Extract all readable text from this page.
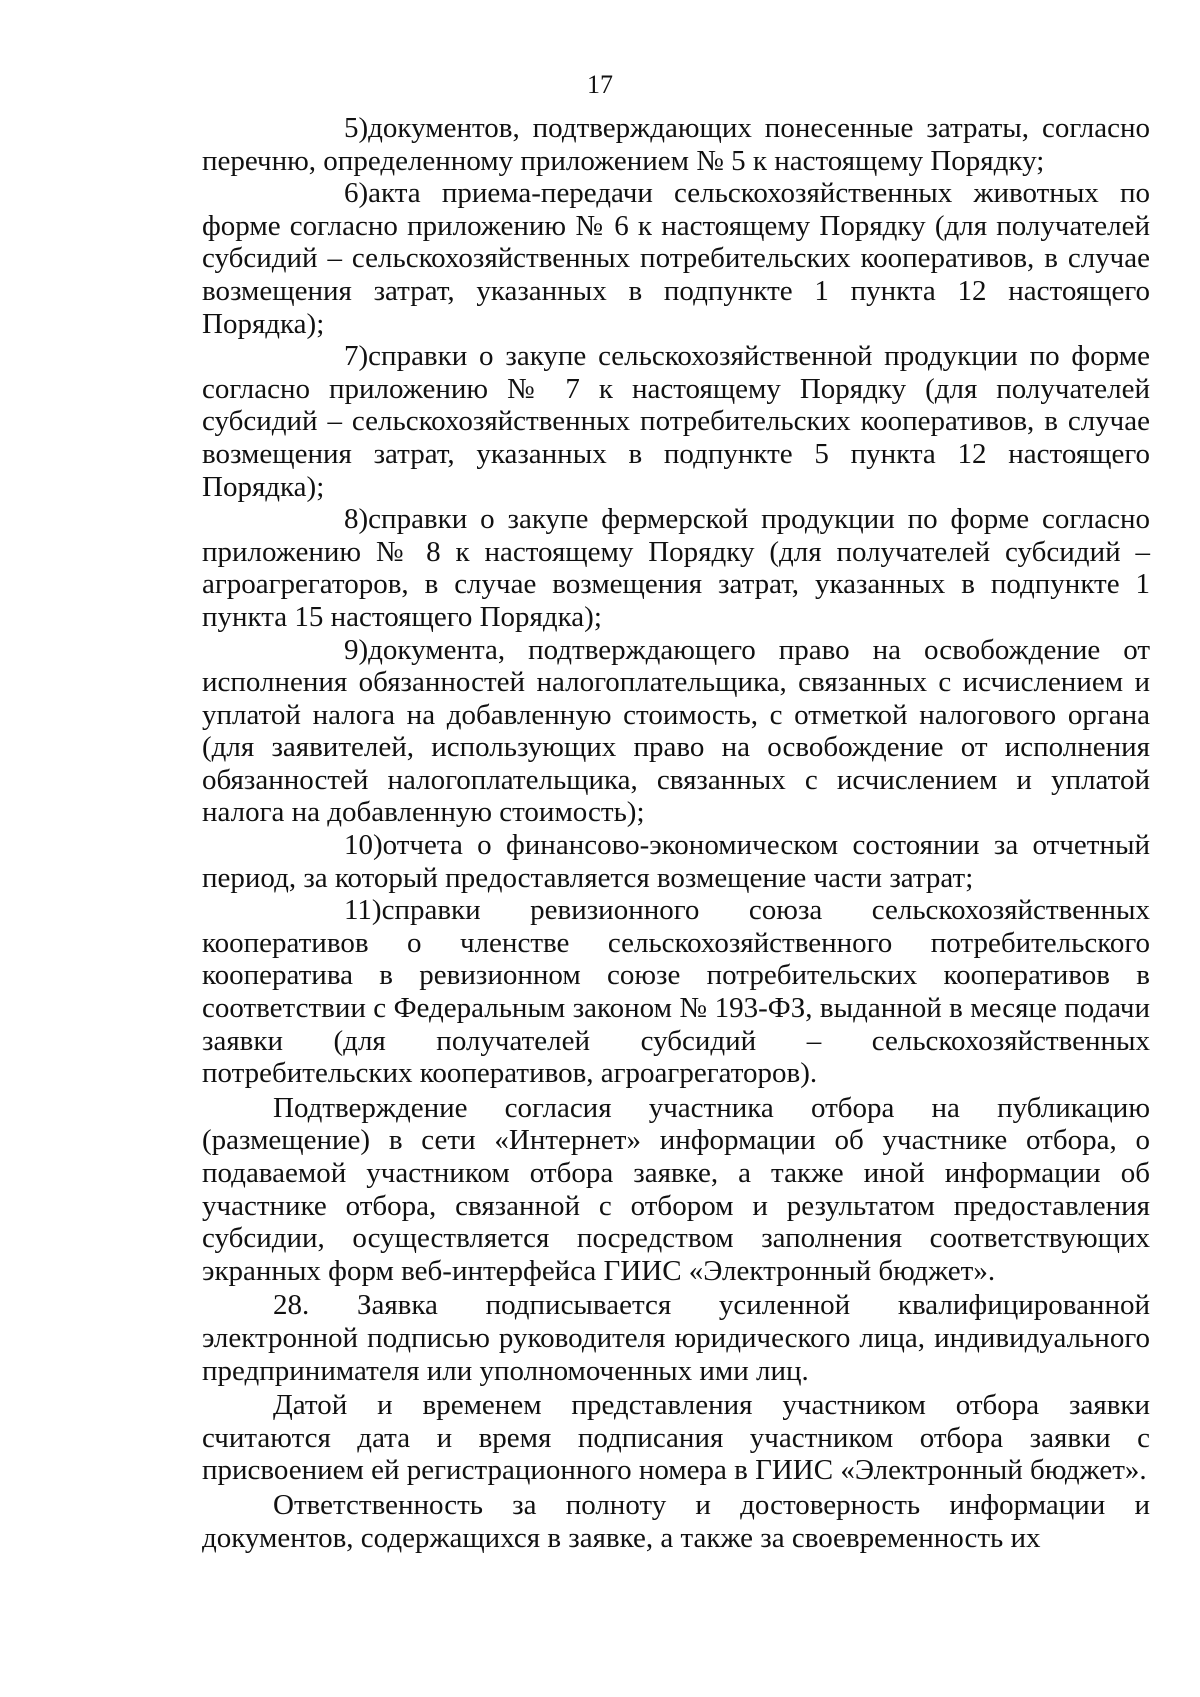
17

5)документов, подтверждающих понесенные затраты, согласно перечню, определенному приложением № 5 к настоящему Порядку;

6)акта приема-передачи сельскохозяйственных животных по форме согласно приложению № 6 к настоящему Порядку (для получателей субсидий – сельскохозяйственных потребительских кооперативов, в случае возмещения затрат, указанных в подпункте 1 пункта 12 настоящего Порядка);

7)справки о закупе сельскохозяйственной продукции по форме согласно приложению № 7 к настоящему Порядку (для получателей субсидий – сельскохозяйственных потребительских кооперативов, в случае возмещения затрат, указанных в подпункте 5 пункта 12 настоящего Порядка);

8)справки о закупе фермерской продукции по форме согласно приложению № 8 к настоящему Порядку (для получателей субсидий – агроагрегаторов, в случае возмещения затрат, указанных в подпункте 1 пункта 15 настоящего Порядка);

9)документа, подтверждающего право на освобождение от исполнения обязанностей налогоплательщика, связанных с исчислением и уплатой налога на добавленную стоимость, с отметкой налогового органа (для заявителей, использующих право на освобождение от исполнения обязанностей налогоплательщика, связанных с исчислением и уплатой налога на добавленную стоимость);

10)отчета о финансово-экономическом состоянии за отчетный период, за который предоставляется возмещение части затрат;

11)справки ревизионного союза сельскохозяйственных кооперативов о членстве сельскохозяйственного потребительского кооператива в ревизионном союзе потребительских кооперативов в соответствии с Федеральным законом № 193-ФЗ, выданной в месяце подачи заявки (для получателей субсидий – сельскохозяйственных потребительских кооперативов, агроагрегаторов).

Подтверждение согласия участника отбора на публикацию (размещение) в сети «Интернет» информации об участнике отбора, о подаваемой участником отбора заявке, а также иной информации об участнике отбора, связанной с отбором и результатом предоставления субсидии, осуществляется посредством заполнения соответствующих экранных форм веб-интерфейса ГИИС «Электронный бюджет».

28. Заявка подписывается усиленной квалифицированной электронной подписью руководителя юридического лица, индивидуального предпринимателя или уполномоченных ими лиц.

Датой и временем представления участником отбора заявки считаются дата и время подписания участником отбора заявки с присвоением ей регистрационного номера в ГИИС «Электронный бюджет».

Ответственность за полноту и достоверность информации и документов, содержащихся в заявке, а также за своевременность их
